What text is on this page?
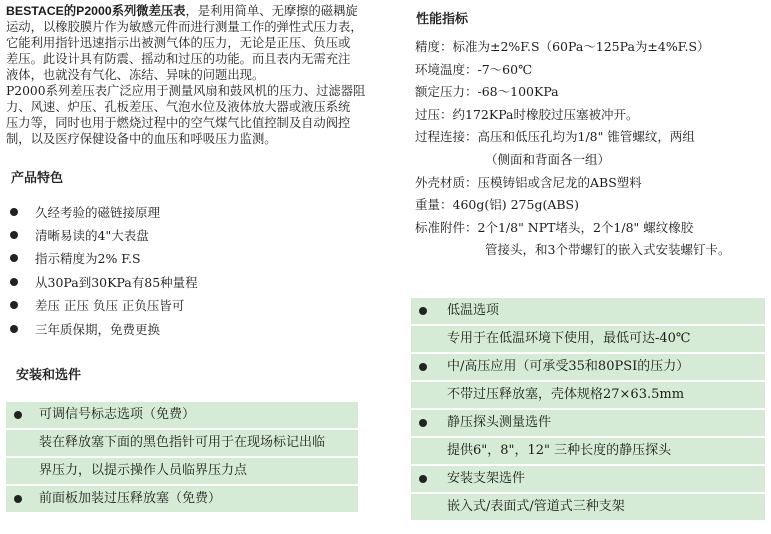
BESTACE的P2000系列微差压表，是利用简单、无摩擦的磁耦旋
运动，以橡胶膜片作为敏感元件而进行测量工作的弹性式压力表，
它能利用指针迅速指示出被测气体的压力，无论是正压、负压或
差压。此设计具有防震、摇动和过压的功能。而且表内无需充注
液体，也就没有气化、冻结、异味的问题出现。
P2000系列差压表广泛应用于测量风扇和鼓风机的压力、过滤器阻
力、风速、炉压、孔板差压、气泡水位及液体放大器或液压系统
压力等，同时也用于燃烧过程中的空气煤气比值控制及自动阀控
制，以及医疗保健设备中的血压和呼吸压力监测。
产品特色
久经考验的磁链接原理
清晰易读的4"大表盘
指示精度为2% F.S
从30Pa到30KPa有85种量程
差压 正压 负压 正负压皆可
三年质保期，免费更换
安装和选件
可调信号标志选项（免费）
装在释放塞下面的黑色指针可用于在现场标记出临
界压力，以提示操作人员临界压力点
前面板加装过压释放塞（免费）
性能指标
精度：标准为±2%F.S（60Pa～125Pa为±4%F.S）
环境温度：-7～60℃
额定压力：-68～100KPa
过压：约172KPa时橡胶过压塞被冲开。
过程连接：高压和低压孔均为1/8" 锥管螺纹，两组
（侧面和背面各一组）
外壳材质：压模铸铝或含尼龙的ABS塑料
重量：460g(铝) 275g(ABS)
标准附件：2个1/8" NPT堵头，2个1/8" 螺纹橡胶
管接头，和3个带螺钉的嵌入式安装螺钉卡。
低温选项
专用于在低温环境下使用，最低可达-40℃
中/高压应用（可承受35和80PSI的压力）
不带过压释放塞，壳体规格27×63.5mm
静压探头测量选件
提供6"，8"，12" 三种长度的静压探头
安装支架选件
嵌入式/表面式/管道式三种支架
